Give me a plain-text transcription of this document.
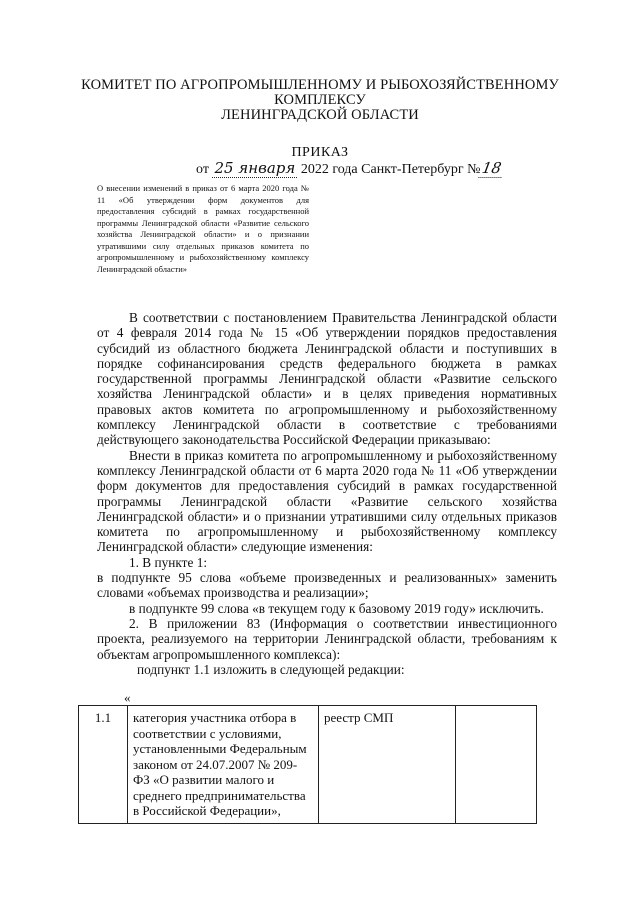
КОМИТЕТ ПО АГРОПРОМЫШЛЕННОМУ И РЫБОХОЗЯЙСТВЕННОМУ
КОМПЛЕКСУ
ЛЕНИНГРАДСКОЙ ОБЛАСТИ
ПРИКАЗ
от 25 января 2022 года Санкт-Петербург №18
О внесении изменений в приказ от 6 марта 2020 года № 11 «Об утверждении форм документов для предоставления субсидий в рамках государственной программы Ленинградской области «Развитие сельского хозяйства Ленинградской области» и о признании утратившими силу отдельных приказов комитета по агропромышленному и рыбохозяйственному комплексу Ленинградской области»

В соответствии с постановлением Правительства Ленинградской области от 4 февраля 2014 года № 15 «Об утверждении порядков предоставления субсидий из областного бюджета Ленинградской области и поступивших в порядке софинансирования средств федерального бюджета в рамках государственной программы Ленинградской области «Развитие сельского хозяйства Ленинградской области» и в целях приведения нормативных правовых актов комитета по агропромышленному и рыбохозяйственному комплексу Ленинградской области в соответствие с требованиями действующего законодательства Российской Федерации приказываю:

Внести в приказ комитета по агропромышленному и рыбохозяйственному комплексу Ленинградской области от 6 марта 2020 года № 11 «Об утверждении форм документов для предоставления субсидий в рамках государственной программы Ленинградской области «Развитие сельского хозяйства Ленинградской области» и о признании утратившими силу отдельных приказов комитета по агропромышленному и рыбохозяйственному комплексу Ленинградской области» следующие изменения:

1. В пункте 1:

в подпункте 95 слова «объеме произведенных и реализованных» заменить словами «объемах производства и реализации»;

в подпункте 99 слова «в текущем году к базовому 2019 году» исключить.

2. В приложении 83 (Информация о соответствии инвестиционного проекта, реализуемого на территории Ленинградской области, требованиям к объектам агропромышленного комплекса):

подпункт 1.1 изложить в следующей редакции:

«
1.1	категория участника отбора в соответствии с условиями, установленными Федеральным законом от 24.07.2007 № 209-ФЗ «О развитии малого и среднего предпринимательства в Российской Федерации»,	реестр СМП		
